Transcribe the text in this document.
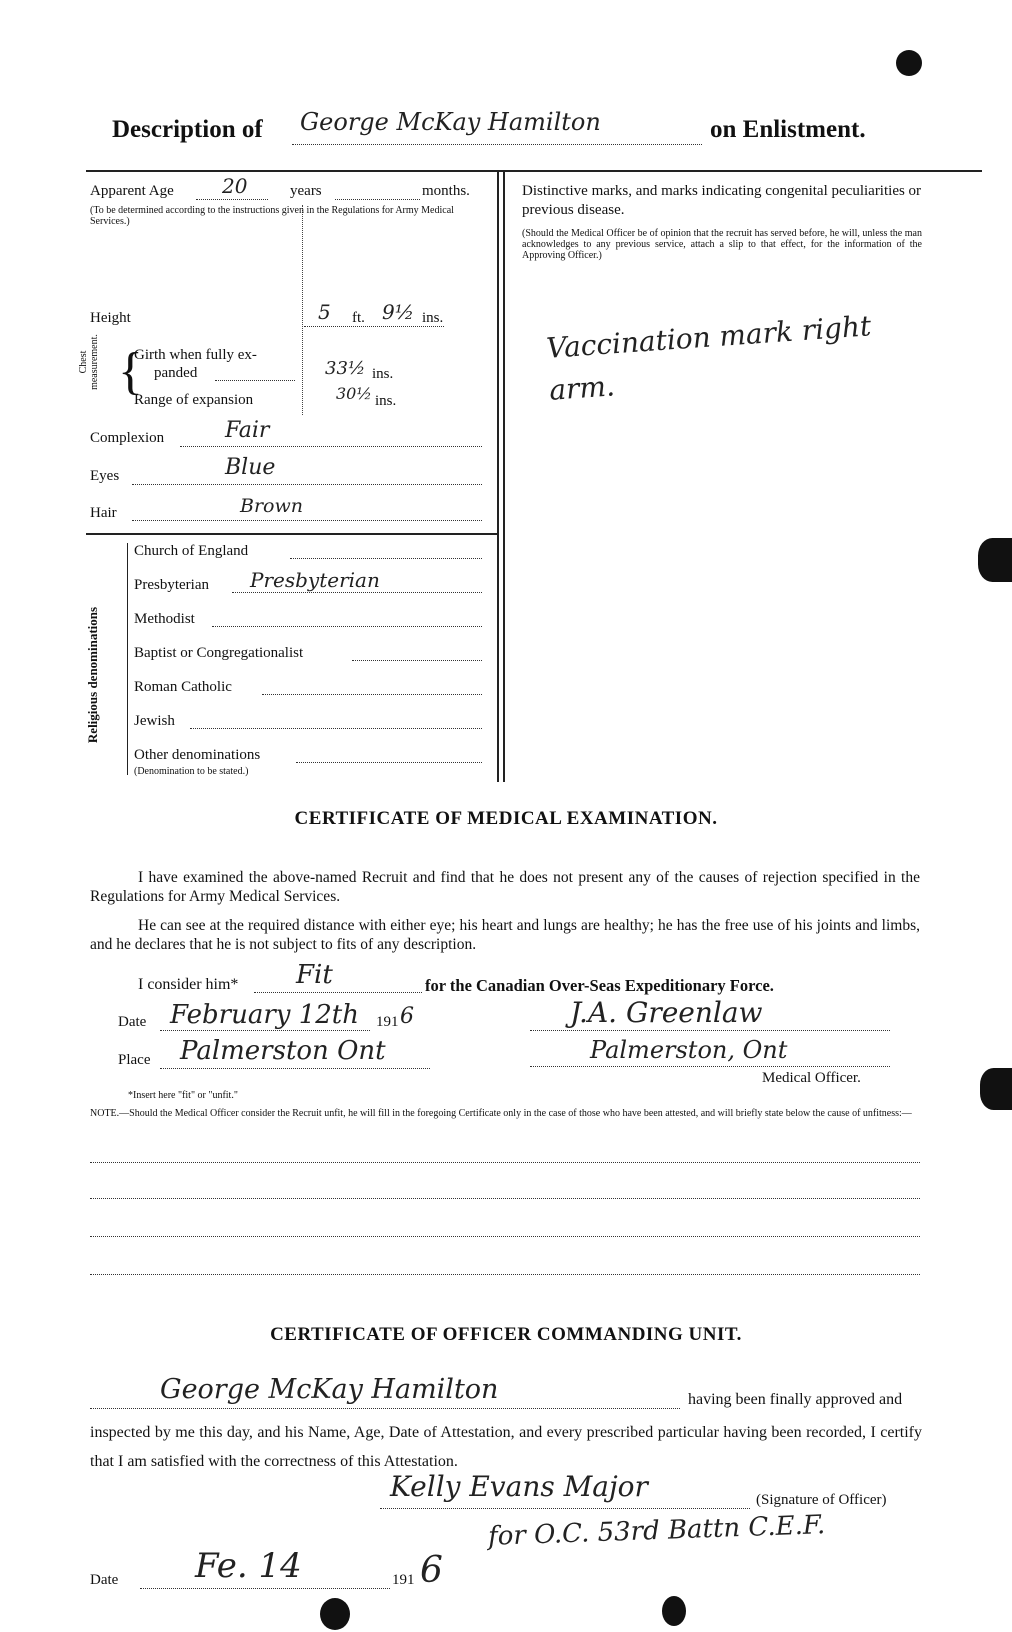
Description of George McKay Hamilton	on Enlistment.
Apparent Age 20	years	months.
(To be determined according to the instructions given in the Regulations for Army Medical Services.)
Height	5 ft. 9½ ins.
Chest measurement. {
Girth when fully ex-
panded	33½ ins.
Range of expansion	30½ ins.
Complexion	Fair
Eyes	Blue
Hair	Brown
Religious denominations
Church of England
Presbyterian Presbyterian
Methodist
Baptist or Congregationalist
Roman Catholic
Jewish
Other denominations
(Denomination to be stated.)
Distinctive marks, and marks indicating congenital peculiarities or previous disease.
(Should the Medical Officer be of opinion that the recruit has served before, he will, unless the man acknowledges to any previous service, attach a slip to that effect, for the information of the Approving Officer.)
Vaccination mark right arm.
CERTIFICATE OF MEDICAL EXAMINATION.

I have examined the above-named Recruit and find that he does not present any of the causes of rejection specified in the Regulations for Army Medical Services.

He can see at the required distance with either eye; his heart and lungs are healthy; he has the free use of his joints and limbs, and he declares that he is not subject to fits of any description.

I consider him* Fit	for the Canadian Over-Seas Expeditionary Force.
Date February 12th 191 6	J.A. Greenlaw
Place Palmerston Ont	Palmerston, Ont
Medical Officer.
*Insert here "fit" or "unfit."
NOTE.—Should the Medical Officer consider the Recruit unfit, he will fill in the foregoing Certificate only in the case of those who have been attested, and will briefly state below the cause of unfitness:—
CERTIFICATE OF OFFICER COMMANDING UNIT.
George McKay Hamilton	having been finally approved and

inspected by me this day, and his Name, Age, Date of Attestation, and every prescribed particular having been recorded, I certify that I am satisfied with the correctness of this Attestation.

Kelly Evans Major	(Signature of Officer)
for O.C. 53rd Battn C.E.F.
Date Fe. 14	191 6
